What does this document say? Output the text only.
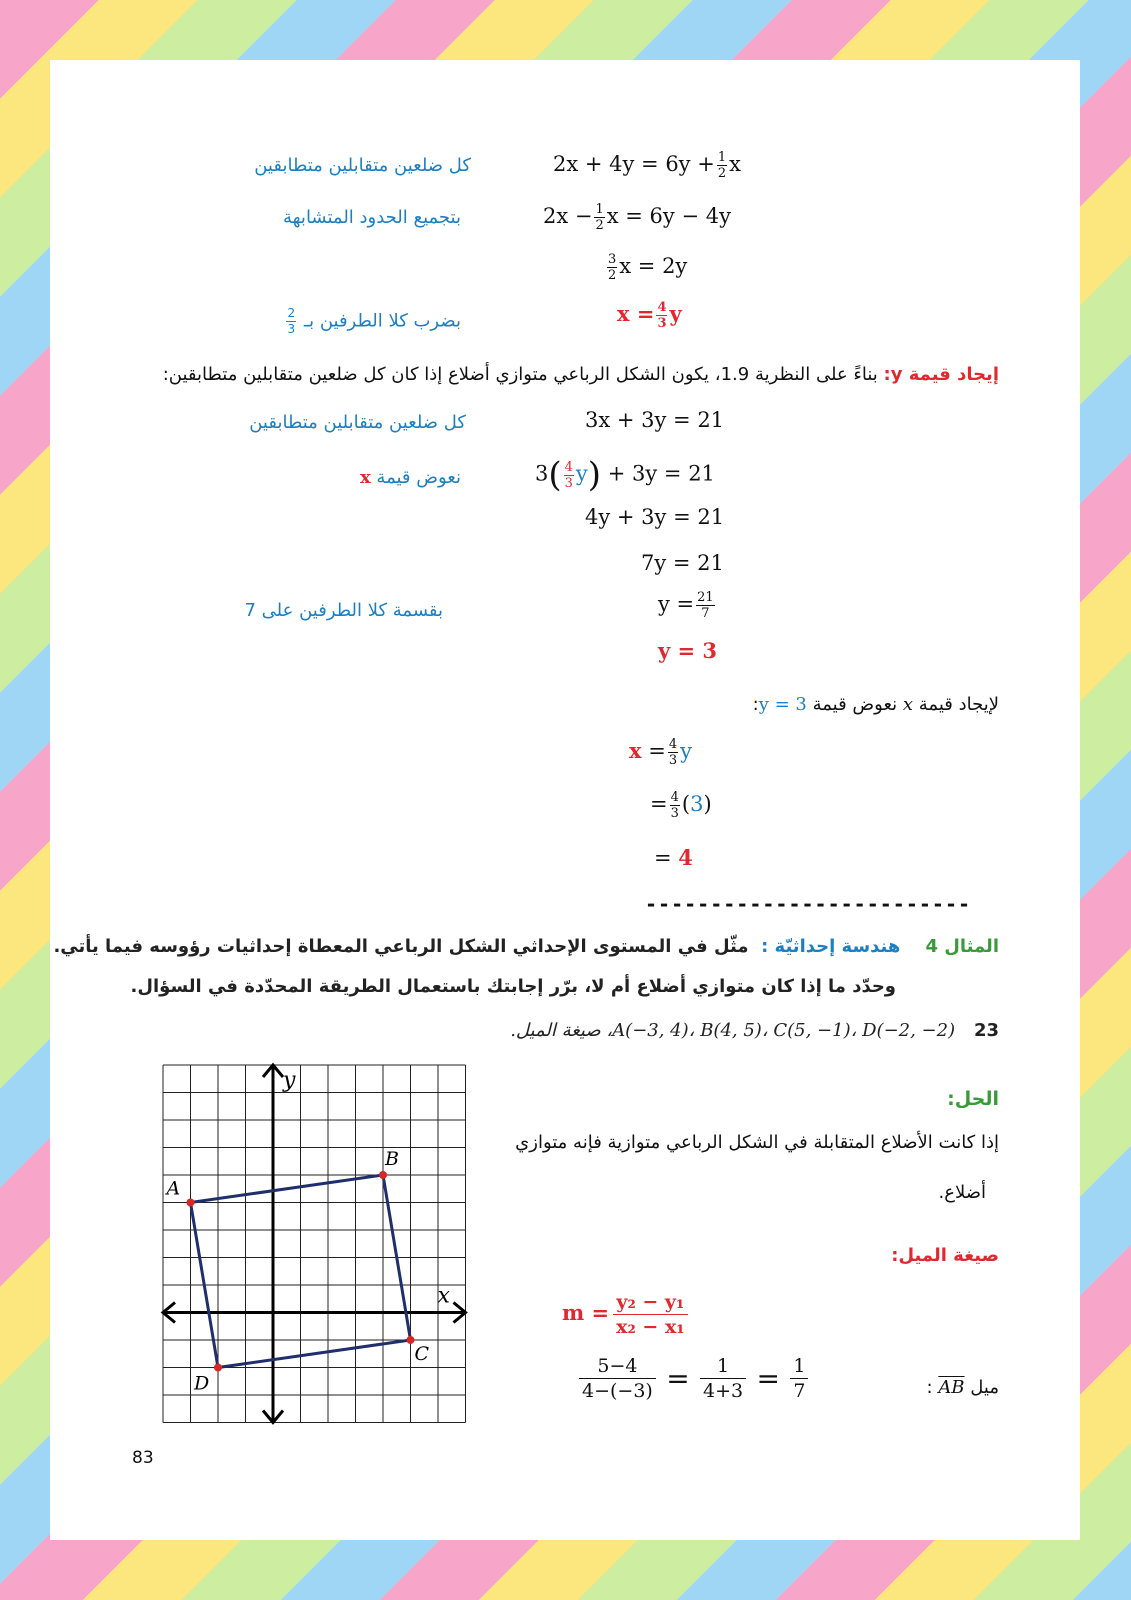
$2x + 4y = 6y + \frac{1}{2}$ x
كل ضلعين متقابلين متطابقين
$2x - \frac{1}{2}$ x = 6y − 4y
بتجميع الحدود المتشابهة
$\frac{3}{2}$ x = 2y
$x = \frac{4}{3}$ y
بضرب كلا الطرفين بـ
$\frac{2}{3}$
إيجاد قيمة y: بناءً على النظرية 1.9، يكون الشكل الرباعي متوازي أضلاع إذا كان كل ضلعين متقابلين متطابقين:
3x + 3y = 21
كل ضلعين متقابلين متطابقين
$3( \frac{4}{3} y) + 3y = 21$
نعوض قيمة x
4y + 3y = 21
7y = 21
$y = \frac{21}{7}$
بقسمة كلا الطرفين على 7
y = 3
لإيجاد قيمة x نعوض قيمة y = 3:
$x = \frac{4}{3}$ y
= $\frac{4}{3} (3)$
= 4
-------------------------
المثال 4    هندسة إحداثيّة :  مثّل في المستوى الإحداثي الشكل الرباعي المعطاة إحداثيات رؤوسه فيما يأتي.
وحدّد ما إذا كان متوازي أضلاع أم لا، برّر إجابتك باستعمال الطريقة المحدّدة في السؤال.
23   A(−3, 4)، B(4, 5)، C(5, −1)، D(−2, −2)، صيغة الميل.
x
y
A
B
C
D
الحل:
إذا كانت الأضلاع المتقابلة في الشكل الرباعي متوازية فإنه متوازي
أضلاع.
صيغة الميل:
$m = \frac{\text{y₂ − y₁}}{\text{x₂ − x₁}}$
$\frac{5-4}{4-(-3)} = \frac{1}{4+3} = \frac{1}{7}$	ميل AB :
83
